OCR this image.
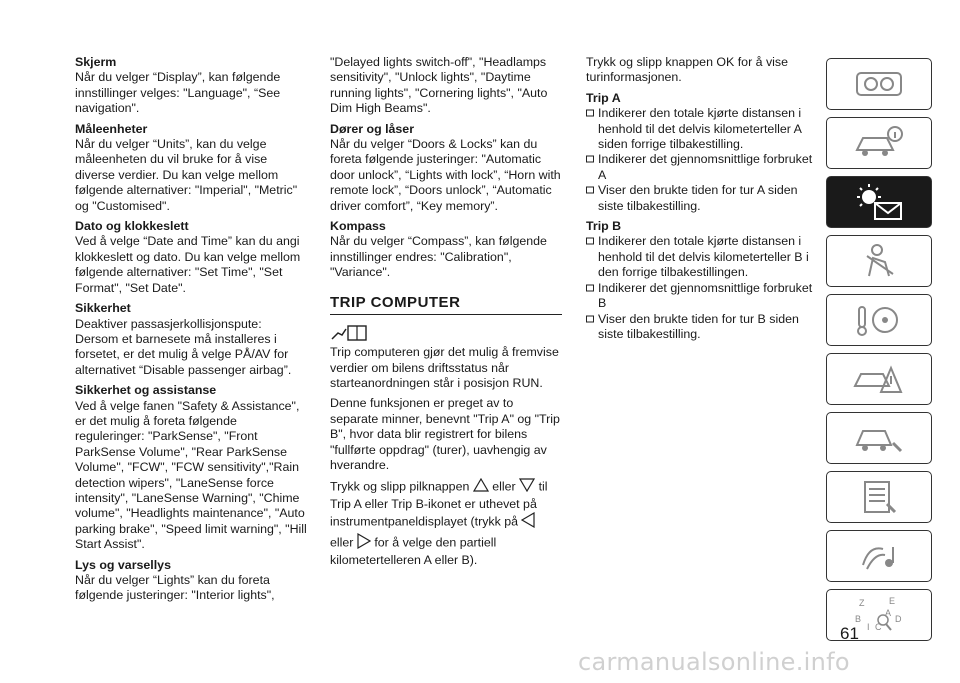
Skjerm

Når du velger “Display”, kan følgende innstillinger velges: "Language", “See navigation".

Måleenheter

Når du velger “Units”, kan du velge måleenheten du vil bruke for å vise diverse verdier. Du kan velge mellom følgende alternativer: "Imperial", "Metric" og "Customised".

Dato og klokkeslett

Ved å velge “Date and Time” kan du angi klokkeslett og dato. Du kan velge mellom følgende alternativer: "Set Time", "Set Format", "Set Date".

Sikkerhet

Deaktiver passasjerkollisjonspute: Dersom et barnesete må installeres i forsetet, er det mulig å velge PÅ/AV for alternativet “Disable passenger airbag”.

Sikkerhet og assistanse

Ved å velge fanen "Safety & Assistance", er det mulig å foreta følgende reguleringer: "ParkSense", "Front ParkSense Volume", "Rear ParkSense Volume", "FCW", "FCW sensitivity","Rain detection wipers", "LaneSense force intensity", "LaneSense Warning", "Chime volume", "Headlights maintenance", "Auto parking brake", "Speed limit warning", "Hill Start Assist".

Lys og varsellys

Når du velger “Lights” kan du foreta følgende justeringer: "Interior lights",

"Delayed lights switch-off", "Headlamps sensitivity", "Unlock lights", "Daytime running lights", "Cornering lights", "Auto Dim High Beams".

Dører og låser

Når du velger “Doors & Locks” kan du foreta følgende justeringer: "Automatic door unlock”, “Lights with lock”, “Horn with remote lock”, “Doors unlock”, “Automatic driver comfort”, “Key memory”.

Kompass

Når du velger “Compass”, kan følgende innstillinger endres: "Calibration", "Variance".

TRIP COMPUTER

Trip computeren gjør det mulig å fremvise verdier om bilens driftsstatus når starteanordningen står i posisjon RUN.

Denne funksjonen er preget av to separate minner, benevnt "Trip A" og "Trip B", hvor data blir registrert for bilens "fullførte oppdrag" (turer), uavhengig av hverandre.

Trykk og slipp pilknappen eller til Trip A eller Trip B-ikonet er uthevet på instrumentpaneldisplayet (trykk på  eller for å velge den partiell kilometertelleren A eller B).

Trykk og slipp knappen OK for å vise turinformasjonen.

Trip A

Indikerer den totale kjørte distansen i henhold til det delvis kilometerteller A siden forrige tilbakestilling.
Indikerer det gjennomsnittlige forbruket A
Viser den brukte tiden for tur A siden siste tilbakestilling.

Trip B

Indikerer den totale kjørte distansen i henhold til det delvis kilometerteller B i den forrige tilbakestillingen.
Indikerer det gjennomsnittlige forbruket B
Viser den brukte tiden for tur B siden siste tilbakestilling.
Z	E
B
C
D
A
I
61
carmanualsonline.info
